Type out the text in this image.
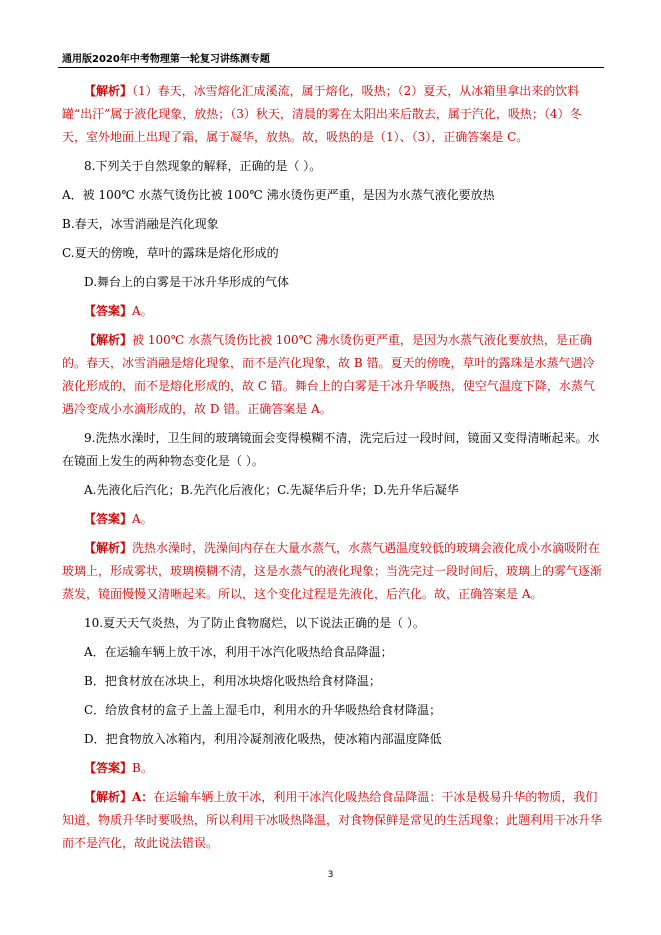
通用版2020年中考物理第一轮复习讲练测专题
【解析】（1）春天，冰雪熔化汇成溪流，属于熔化，吸热；（2）夏天，从冰箱里拿出来的饮料罐“出汗”属于液化现象，放热；（3）秋天，清晨的雾在太阳出来后散去，属于汽化，吸热；（4）冬天，室外地面上出现了霜，属于凝华，放热。故，吸热的是（1）、（3），正确答案是 C。
8.下列关于自然现象的解释，正确的是（ ）。
A．被 100℃ 水蒸气烫伤比被 100℃ 沸水烫伤更严重，是因为水蒸气液化要放热
B.春天，冰雪消融是汽化现象
C.夏天的傍晚，草叶的露珠是熔化形成的
D.舞台上的白雾是干冰升华形成的气体
【答案】A。
【解析】被 100℃ 水蒸气烫伤比被 100℃ 沸水烫伤更严重，是因为水蒸气液化要放热，是正确的。春天，冰雪消融是熔化现象，而不是汽化现象，故 B 错。夏天的傍晚，草叶的露珠是水蒸气遇冷液化形成的，而不是熔化形成的，故 C 错。舞台上的白雾是干冰升华吸热，使空气温度下降，水蒸气遇冷变成小水滴形成的，故 D 错。正确答案是 A。
9.洗热水澡时，卫生间的玻璃镜面会变得模糊不清，洗完后过一段时间，镜面又变得清晰起来。水在镜面上发生的两种物态变化是（ ）。
A.先液化后汽化；B.先汽化后液化；C.先凝华后升华；D.先升华后凝华
【答案】A。
【解析】洗热水澡时，洗澡间内存在大量水蒸气，水蒸气遇温度较低的玻璃会液化成小水滴吸附在玻璃上，形成雾状，玻璃模糊不清，这是水蒸气的液化现象；当洗完过一段时间后，玻璃上的雾气逐渐蒸发，镜面慢慢又清晰起来。所以，这个变化过程是先液化，后汽化。故，正确答案是 A。
10.夏天天气炎热，为了防止食物腐烂，以下说法正确的是（ ）。
A．在运输车辆上放干冰，利用干冰汽化吸热给食品降温；
B．把食材放在冰块上，利用冰块熔化吸热给食材降温；
C．给放食材的盒子上盖上湿毛巾，利用水的升华吸热给食材降温；
D．把食物放入冰箱内，利用冷凝剂液化吸热，使冰箱内部温度降低
【答案】B。
【解析】A：在运输车辆上放干冰，利用干冰汽化吸热给食品降温：干冰是极易升华的物质，我们知道，物质升华时要吸热，所以利用干冰吸热降温，对食物保鲜是常见的生活现象；此题利用干冰升华而不是汽化，故此说法错误。
3
